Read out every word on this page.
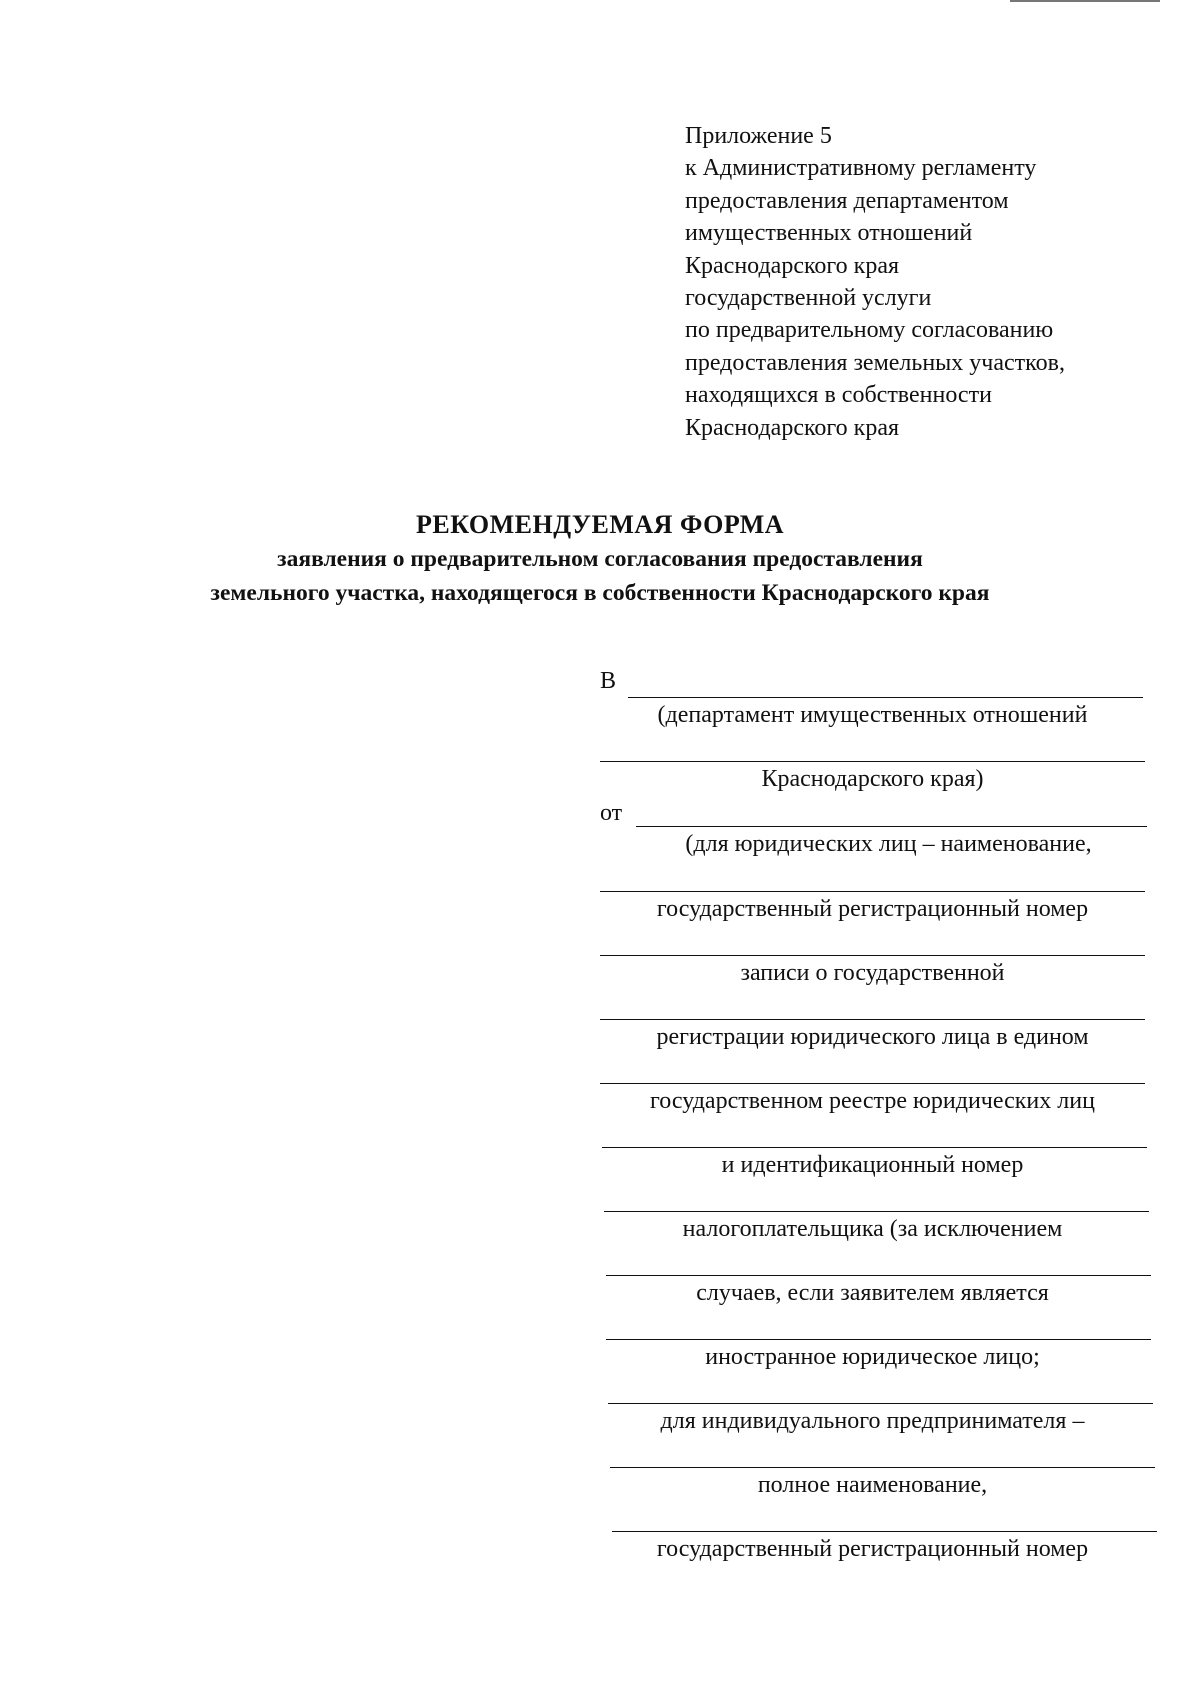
Приложение 5
к Административному регламенту
предоставления департаментом
имущественных отношений
Краснодарского края
государственной услуги
по предварительному согласованию
предоставления земельных участков,
находящихся в собственности
Краснодарского края
РЕКОМЕНДУЕМАЯ ФОРМА
заявления о предварительном согласования предоставления
земельного участка, находящегося в собственности Краснодарского края
В
(департамент имущественных отношений
Краснодарского края)
от
(для юридических лиц – наименование,
государственный регистрационный номер
записи о государственной
регистрации юридического лица в едином
государственном реестре юридических лиц
и идентификационный номер
налогоплательщика (за исключением
случаев, если заявителем является
иностранное юридическое лицо;
для индивидуального предпринимателя –
полное наименование,
государственный регистрационный номер
